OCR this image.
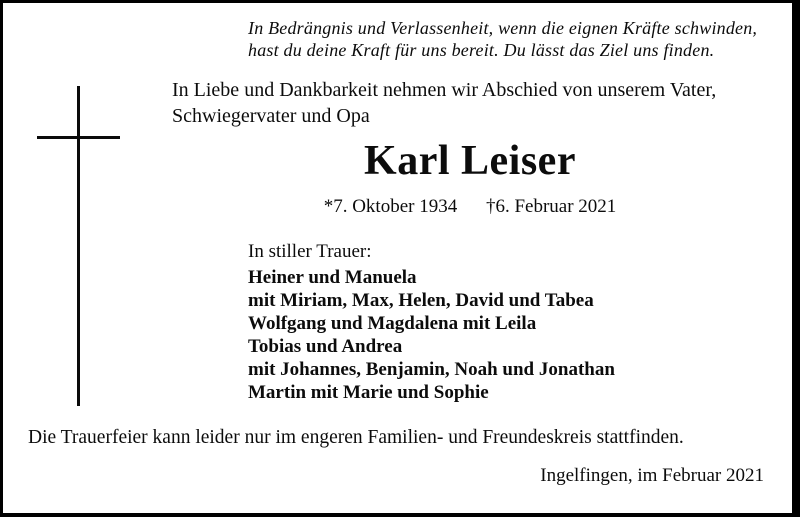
In Bedrängnis und Verlassenheit, wenn die eignen Kräfte schwinden,
hast du deine Kraft für uns bereit. Du lässt das Ziel uns finden.
In Liebe und Dankbarkeit nehmen wir Abschied von unserem Vater,
Schwiegervater und Opa
Karl Leiser
*7. Oktober 1934 †6. Februar 2021
In stiller Trauer:
Heiner und Manuela
mit Miriam, Max, Helen, David und Tabea
Wolfgang und Magdalena mit Leila
Tobias und Andrea
mit Johannes, Benjamin, Noah und Jonathan
Martin mit Marie und Sophie
Die Trauerfeier kann leider nur im engeren Familien- und Freundeskreis stattfinden.
Ingelfingen, im Februar 2021
